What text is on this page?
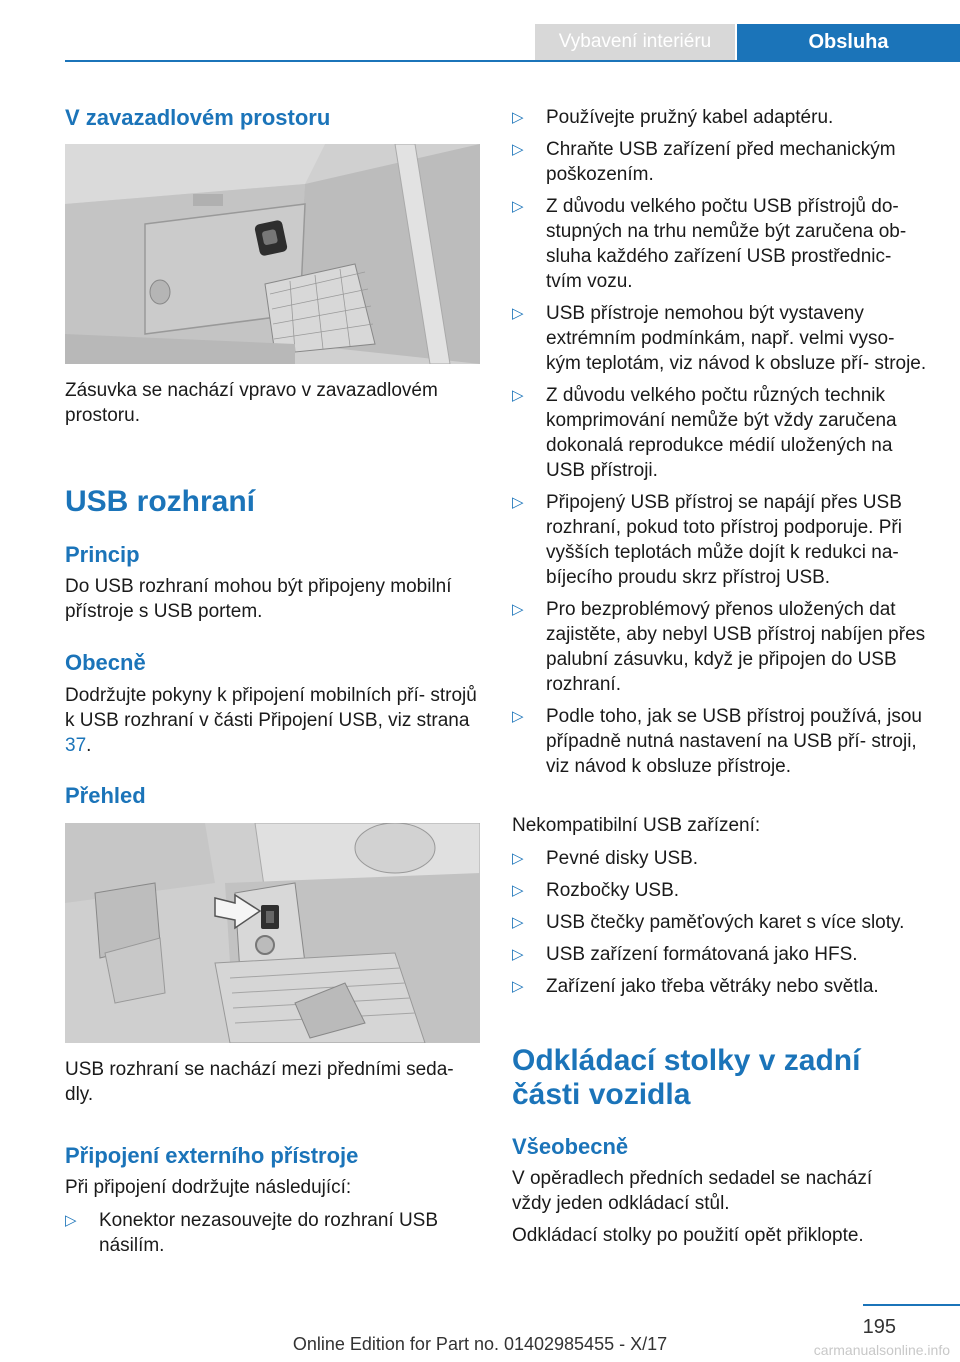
Vybavení interiéru	Obsluha
V zavazadlovém prostoru
Zásuvka se nachází vpravo v zavazadlovém prostoru.
USB rozhraní
Princip
Do USB rozhraní mohou být připojeny mobilní přístroje s USB portem.
Obecně
Dodržujte pokyny k připojení mobilních pří- strojů k USB rozhraní v části Připojení USB, viz strana 37.
Přehled
USB rozhraní se nachází mezi předními seda- dly.
Připojení externího přístroje
Při připojení dodržujte následující:
▷ Konektor nezasouvejte do rozhraní USB násilím.
▷ Používejte pružný kabel adaptéru.
▷ Chraňte USB zařízení před mechanickým poškozením.
▷ Z důvodu velkého počtu USB přístrojů do- stupných na trhu nemůže být zaručena ob- sluha každého zařízení USB prostřednic- tvím vozu.
▷ USB přístroje nemohou být vystaveny extrémním podmínkám, např. velmi vyso- kým teplotám, viz návod k obsluze pří- stroje.
▷ Z důvodu velkého počtu různých technik komprimování nemůže být vždy zaručena dokonalá reprodukce médií uložených na USB přístroji.
▷ Připojený USB přístroj se napájí přes USB rozhraní, pokud toto přístroj podporuje. Při vyšších teplotách může dojít k redukci na- bíjecího proudu skrz přístroj USB.
▷ Pro bezproblémový přenos uložených dat zajistěte, aby nebyl USB přístroj nabíjen přes palubní zásuvku, když je připojen do USB rozhraní.
▷ Podle toho, jak se USB přístroj používá, jsou případně nutná nastavení na USB pří- stroji, viz návod k obsluze přístroje.
Nekompatibilní USB zařízení:
▷ Pevné disky USB.
▷ Rozbočky USB.
▷ USB čtečky paměťových karet s více sloty.
▷ USB zařízení formátovaná jako HFS.
▷ Zařízení jako třeba větráky nebo světla.
Odkládací stolky v zadní části vozidla
Všeobecně
V opěradlech předních sedadel se nachází vždy jeden odkládací stůl.
Odkládací stolky po použití opět přiklopte.
195
Online Edition for Part no. 01402985455 - X/17	carmanualsonline.info
